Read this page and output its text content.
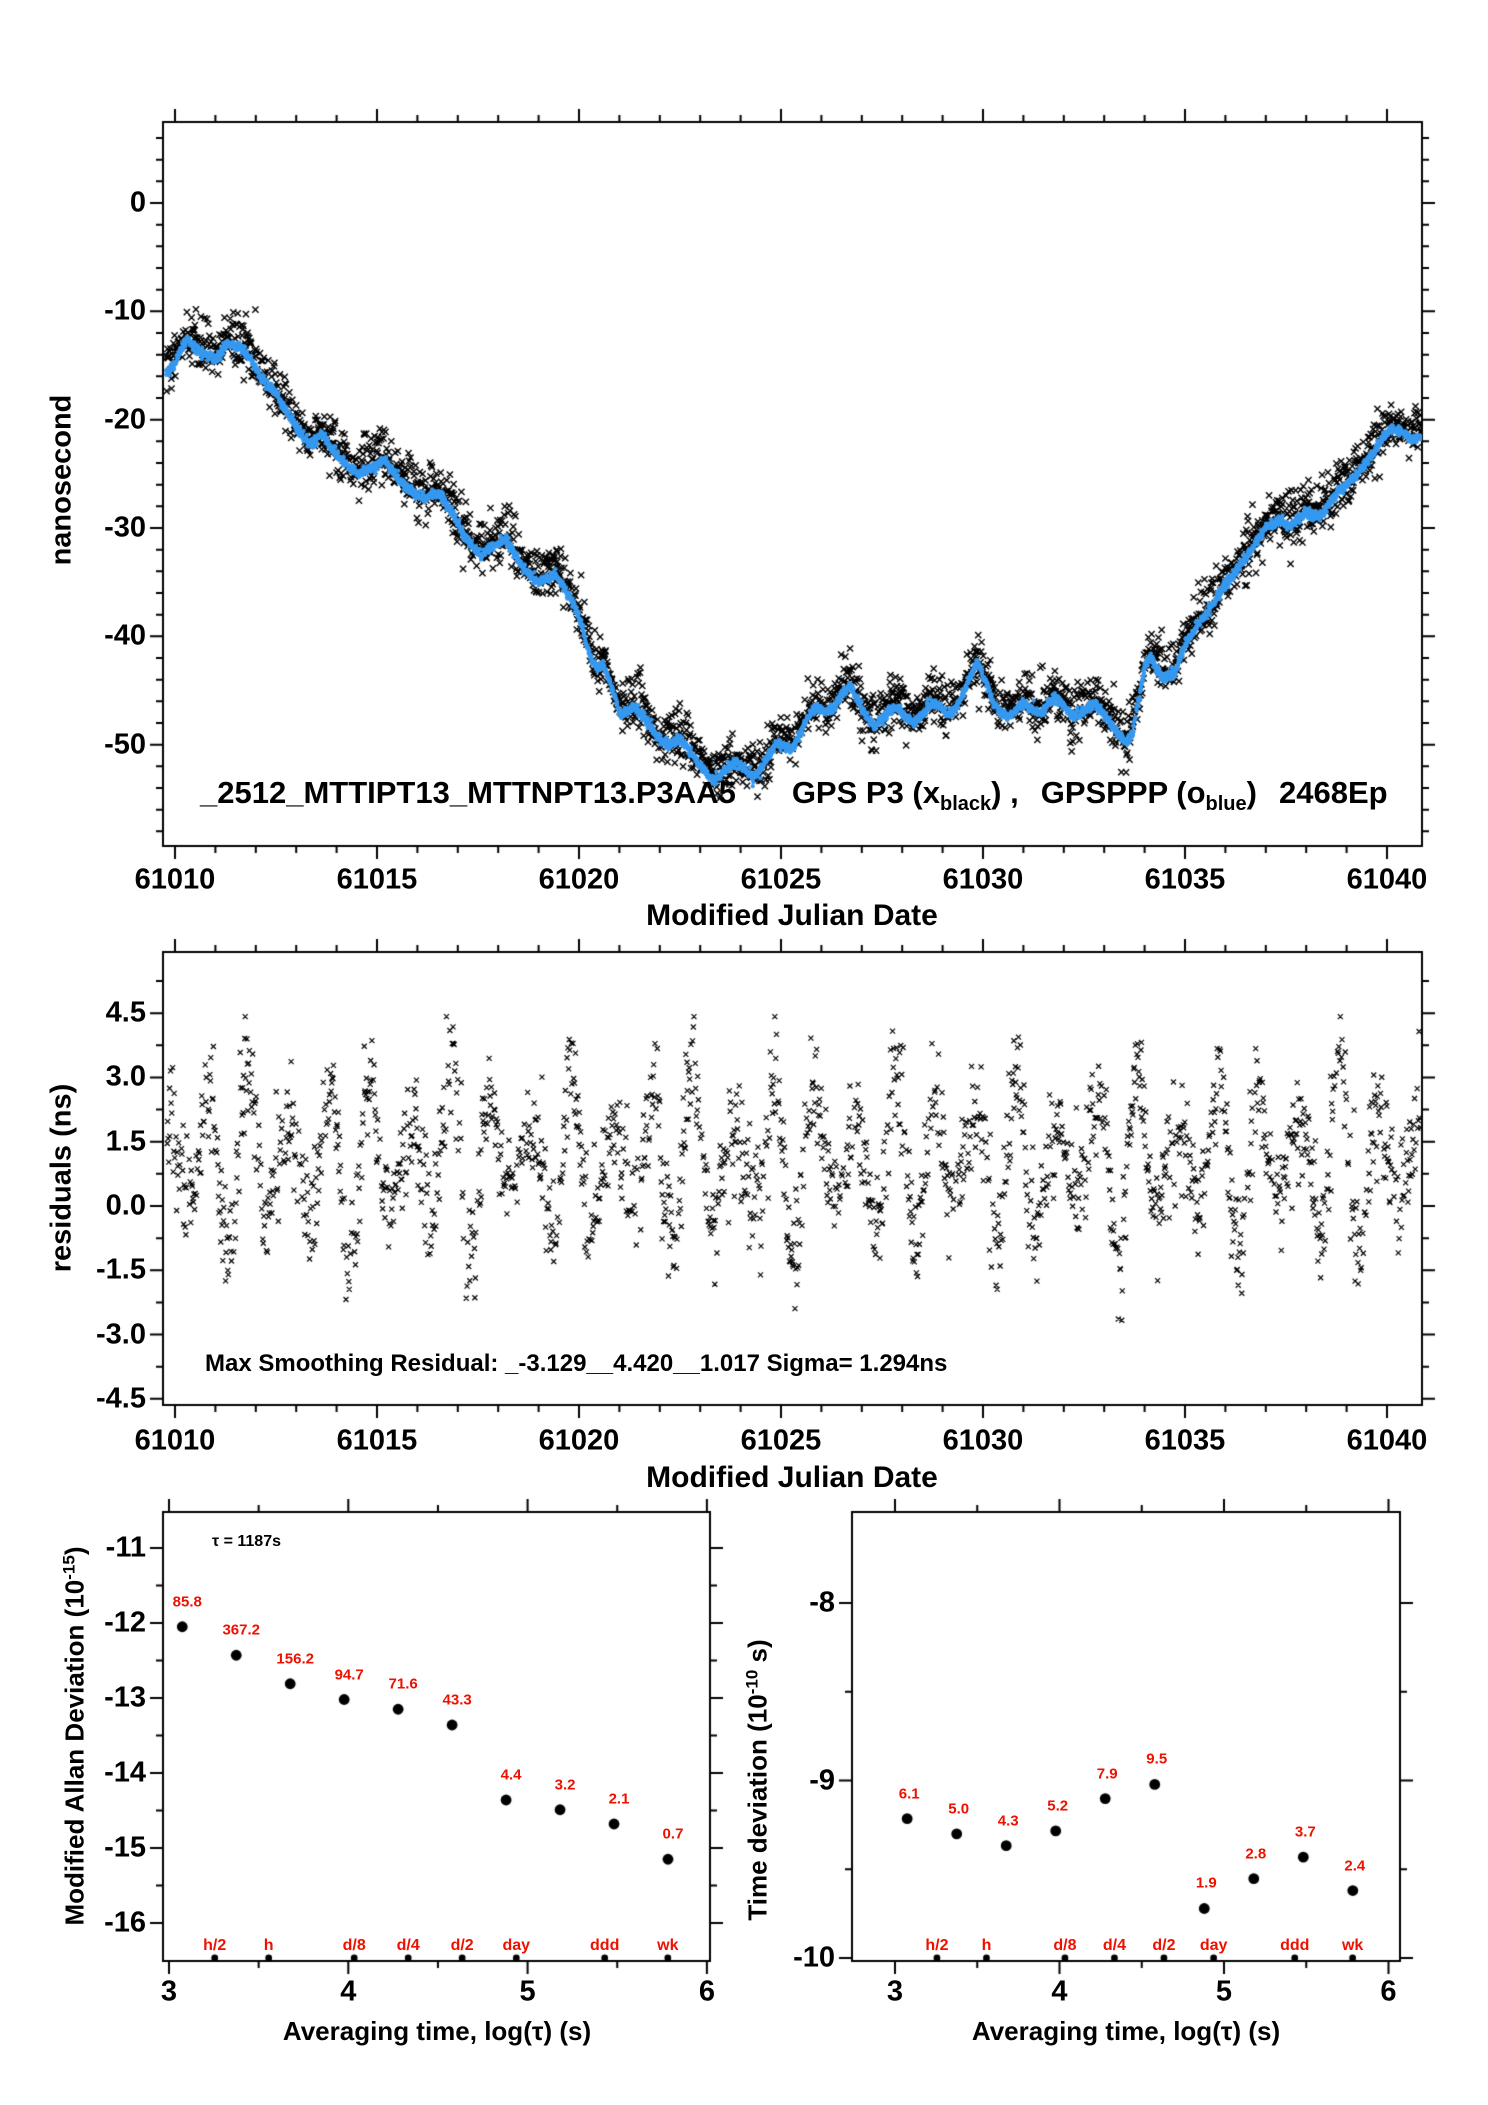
nanosecond
_2512_MTTIPT13_MTTNPT13.P3AA5 GPS P3 $(x_{black})$ , GPSPPP $(o_{blue})$ 2468Ep
Modified Julian Date
residuals (ns)
Max Smoothing Residual: _-3.129__4.420__1.017 Sigma= 1.294ns
Modified Julian Date
Modified Allan Deviation $(10^{-15})$
τ = 1187s
Averaging time, log(τ) (s)
Time deviation ($10^{-10}$ s)
Averaging time, log(τ) (s)
61010	61015	61020	61025	61030	61035	61040
61010	61015	61020	61025	61030	61035	61040
0
-10
-20
-30
-40
-50
4.5
3.0
1.5
0.0
-1.5
-3.0
-4.5
-11
-12
-13
-14
-15
-16
-8
-9
-10
3	4	5	6	3	4	5	6
85.8
367.2
156.2
94.7
71.6
43.3
4.4
3.2
2.1
0.7
6.1
5.0
4.3
5.2
7.9
9.5
1.9
2.8
3.7
2.4
h/2 h	d/8 d/4 d/2 day	ddd wk	h/2 h	d/8 d/4 d/2 day	ddd wk
